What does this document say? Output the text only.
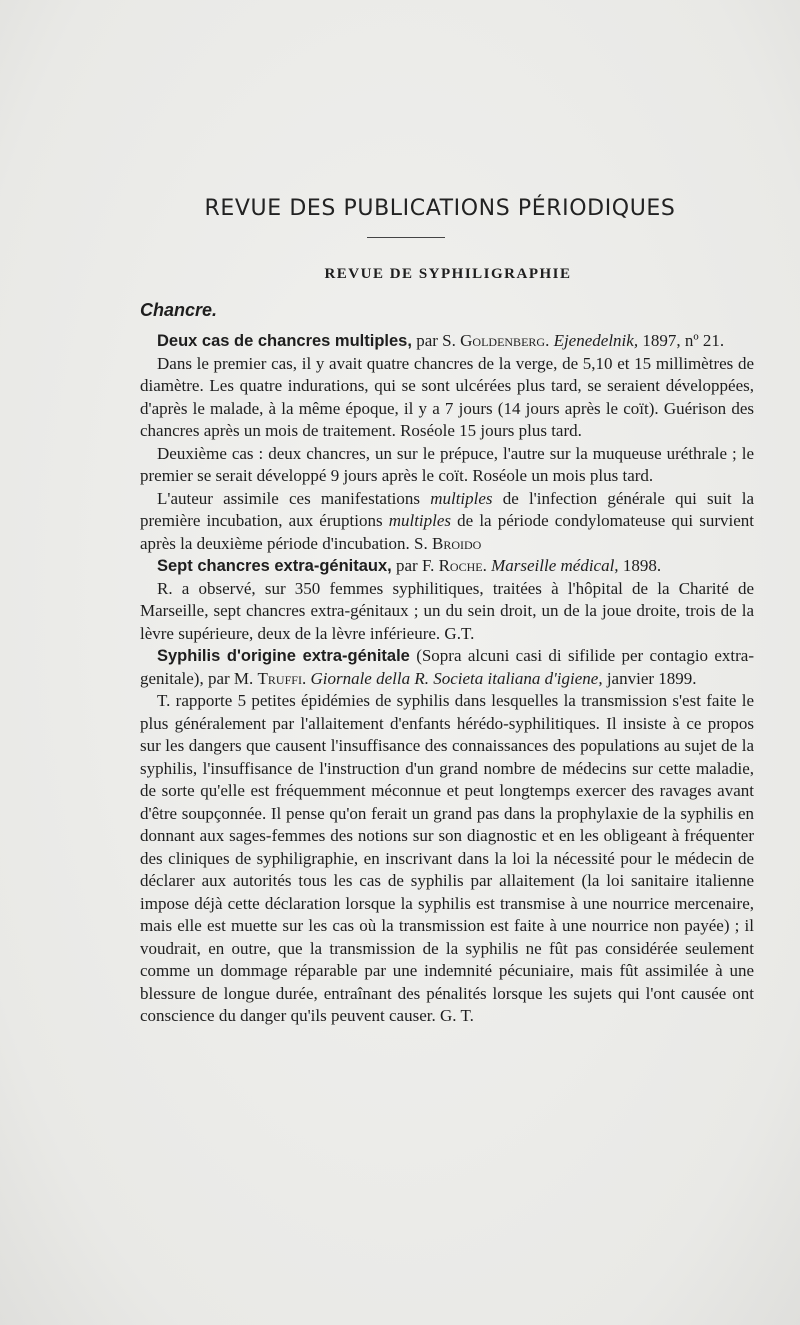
REVUE DES PUBLICATIONS PÉRIODIQUES
REVUE DE SYPHILIGRAPHIE
Chancre.

Deux cas de chancres multiples, par S. Goldenberg. Ejenedelnik, 1897, nº 21.

Dans le premier cas, il y avait quatre chancres de la verge, de 5,10 et 15 millimètres de diamètre. Les quatre indurations, qui se sont ulcérées plus tard, se seraient développées, d'après le malade, à la même époque, il y a 7 jours (14 jours après le coït). Guérison des chancres après un mois de traitement. Roséole 15 jours plus tard.

Deuxième cas : deux chancres, un sur le prépuce, l'autre sur la muqueuse uréthrale ; le premier se serait développé 9 jours après le coït. Roséole un mois plus tard.

L'auteur assimile ces manifestations multiples de l'infection générale qui suit la première incubation, aux éruptions multiples de la période condylomateuse qui survient après la deuxième période d'incubation. S. Broido

Sept chancres extra-génitaux, par F. Roche. Marseille médical, 1898.

R. a observé, sur 350 femmes syphilitiques, traitées à l'hôpital de la Charité de Marseille, sept chancres extra-génitaux ; un du sein droit, un de la joue droite, trois de la lèvre supérieure, deux de la lèvre inférieure. G.T.

Syphilis d'origine extra-génitale (Sopra alcuni casi di sifilide per contagio extra-genitale), par M. Truffi. Giornale della R. Societa italiana d'igiene, janvier 1899.

T. rapporte 5 petites épidémies de syphilis dans lesquelles la transmission s'est faite le plus généralement par l'allaitement d'enfants hérédo-syphilitiques. Il insiste à ce propos sur les dangers que causent l'insuffisance des connaissances des populations au sujet de la syphilis, l'insuffisance de l'instruction d'un grand nombre de médecins sur cette maladie, de sorte qu'elle est fréquemment méconnue et peut longtemps exercer des ravages avant d'être soupçonnée. Il pense qu'on ferait un grand pas dans la prophylaxie de la syphilis en donnant aux sages-femmes des notions sur son diagnostic et en les obligeant à fréquenter des cliniques de syphiligraphie, en inscrivant dans la loi la nécessité pour le médecin de déclarer aux autorités tous les cas de syphilis par allaitement (la loi sanitaire italienne impose déjà cette déclaration lorsque la syphilis est transmise à une nourrice mercenaire, mais elle est muette sur les cas où la transmission est faite à une nourrice non payée) ; il voudrait, en outre, que la transmission de la syphilis ne fût pas considérée seulement comme un dommage réparable par une indemnité pécuniaire, mais fût assimilée à une blessure de longue durée, entraînant des pénalités lorsque les sujets qui l'ont causée ont conscience du danger qu'ils peuvent causer. G. T.
